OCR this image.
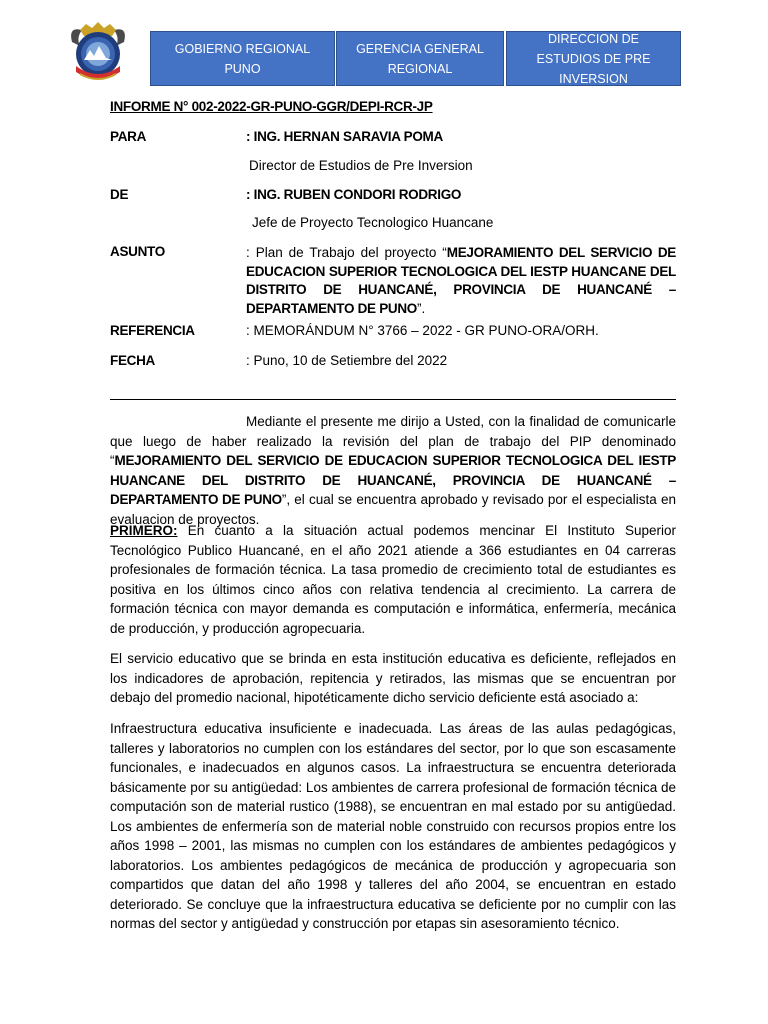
GOBIERNO REGIONAL PUNO
GERENCIA GENERAL REGIONAL
DIRECCION DE ESTUDIOS DE PRE INVERSION
INFORME N° 002-2022-GR-PUNO-GGR/DEPI-RCR-JP
PARA	: ING. HERNAN SARAVIA POMA
Director de Estudios de Pre Inversion
DE	: ING. RUBEN CONDORI RODRIGO
Jefe de Proyecto Tecnologico Huancane
ASUNTO	: Plan de Trabajo del proyecto “MEJORAMIENTO DEL SERVICIO DE EDUCACION SUPERIOR TECNOLOGICA DEL IESTP HUANCANE DEL DISTRITO DE HUANCANÉ, PROVINCIA DE HUANCANÉ – DEPARTAMENTO DE PUNO”.
REFERENCIA	: MEMORÁNDUM N° 3766 – 2022 - GR PUNO-ORA/ORH.
FECHA	: Puno, 10 de Setiembre del 2022
Mediante el presente me dirijo a Usted, con la finalidad de comunicarle que luego de haber realizado la revisión del plan de trabajo del PIP denominado “MEJORAMIENTO DEL SERVICIO DE EDUCACION SUPERIOR TECNOLOGICA DEL IESTP HUANCANE DEL DISTRITO DE HUANCANÉ, PROVINCIA DE HUANCANÉ – DEPARTAMENTO DE PUNO”, el cual se encuentra aprobado y revisado por el especialista en evaluacion de proyectos.
PRIMERO: En cuanto a la situación actual podemos mencinar El Instituto Superior Tecnológico Publico Huancané, en el año 2021 atiende a 366 estudiantes en 04 carreras profesionales de formación técnica. La tasa promedio de crecimiento total de estudiantes es positiva en los últimos cinco años con relativa tendencia al crecimiento. La carrera de formación técnica con mayor demanda es computación e informática, enfermería, mecánica de producción, y producción agropecuaria.
El servicio educativo que se brinda en esta institución educativa es deficiente, reflejados en los indicadores de aprobación, repitencia y retirados, las mismas que se encuentran por debajo del promedio nacional, hipotéticamente dicho servicio deficiente está asociado a:
Infraestructura educativa insuficiente e inadecuada. Las áreas de las aulas pedagógicas, talleres y laboratorios no cumplen con los estándares del sector, por lo que son escasamente funcionales, e inadecuados en algunos casos. La infraestructura se encuentra deteriorada básicamente por su antigüedad: Los ambientes de carrera profesional de formación técnica de computación son de material rustico (1988), se encuentran en mal estado por su antigüedad. Los ambientes de enfermería son de material noble construido con recursos propios entre los años 1998 – 2001, las mismas no cumplen con los estándares de ambientes pedagógicos y laboratorios. Los ambientes pedagógicos de mecánica de producción y agropecuaria son compartidos que datan del año 1998 y talleres del año 2004, se encuentran en estado deteriorado. Se concluye que la infraestructura educativa se deficiente por no cumplir con las normas del sector y antigüedad y construcción por etapas sin asesoramiento técnico.
